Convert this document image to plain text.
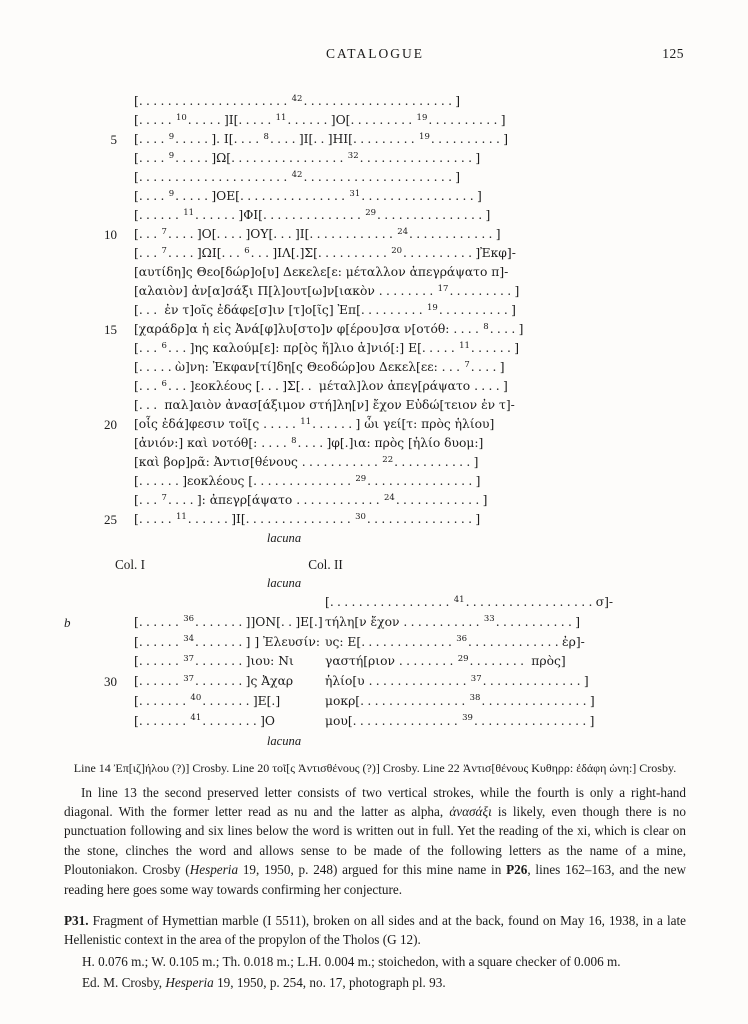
CATALOGUE	125
[.....................$^{42}$.....................]
[.....$^{10}$.....]Ι[.....$^{11}$......]Ο[.........$^{19}$..........]
5	[....$^9$.....]. Ι[....$^8$....]Ι[..]ΗΙ[.........$^{19}$..........]
[....$^9$.....]Ω[................$^{32}$................]
[.....................$^{42}$.....................]
[....$^9$.....]ΟΕ[...............$^{31}$................]
[......$^{11}$......]ΦΙ[..............$^{29}$...............]
10	[...$^7$....]Ο[....]ΟΥ[...]Ι[............$^{24}$............]
[...$^7$....]ΩΙ[...$^6$...]ΙΛ[.]Σ[..........$^{20}$..........]Ἐκφ]-
[αυτίδη]ς Θεο[δώρ]ο[υ] Δεκελε[ε: μέταλλον ἀπεγράψατο π]-
[αλαιὸν] ἀν[α]σάξι Π[λ]ουτ[ω]ν[ιακὸν ........$^{17}$.........]
[... ἐν τ]οῖς ἐδάφε[σ]ιν [τ]ο[ῖς] Ἐπ[.........$^{19}$..........]
15	[χαράδρ]α ἡ εἰς Ἀνά[φ]λυ[στο]ν φ[έρου]σα ν[οτόθ: ....$^8$....]
[...$^6$...]ης καλούμ[ε]: πρ[ὸς ἥ]λιο ἀ]νιό[:] Ε[.....$^{11}$......]
[.....ὼ]νη: Ἐκφαν[τί]δη[ς Θεοδώρ]ου Δεκελ[εε: ...$^7$....]
[...$^6$...]εοκλέους [...]Σ[.. μέταλ]λον ἀπεγ[ράψατο ....]
[... παλ]αιὸν ἀνασ[άξιμον στή]λη[ν] ἔχον Εὐδώ[τειον ἐν τ]-
20	[οἷς ἐδά]φεσιν τοῖ[ς .....$^{11}$......] ὧι γεί[τ: πρὸς ἡλίου]
[ἀνιόν:] καὶ νοτόθ[: ....$^8$....]φ[.]ια: πρὸς [ἡλίο δυομ:]
[καὶ βορ]ρᾶ: Ἀντισ[θένους ...........$^{22}$...........]
[......]εοκλέους [..............$^{29}$...............]
[...$^7$....]: ἀπεγρ[άψατο ............$^{24}$............]
25	[.....$^{11}$......]Ι[...............$^{30}$...............]
lacuna
Col. I	Col. II
lacuna
[.................$^{41}$..................σ]-
b	[......$^{36}$.......]]ΟΝ[..]Ε[.] τήλη[ν ἔχον ...........$^{33}$...........]
[......$^{34}$.......] ] Ἐλευσίν: υς: Ε[.............$^{36}$.............ἐρ]-
[......$^{37}$.......]ιου: Νι	γαστή[ριον ........$^{29}$........ πρὸς]
30	[......$^{37}$.......]ς Ἀχαρ	ἡλίο[υ ..............$^{37}$..............]
[.......$^{40}$.......]Ε[.]	μοκρ[...............$^{38}$...............]
[.......$^{41}$........]Ο	μου[...............$^{39}$................]
lacuna
Line 14 Ἐπ[ιζ]ήλου (?)] Crosby. Line 20 τοῖ[ς Ἀντισθένους (?)] Crosby. Line 22 Ἀντισ[θένους Κυθηρρ: ἐδάφη ὠνη:] Crosby.

In line 13 the second preserved letter consists of two vertical strokes, while the fourth is only a right-hand diagonal. With the former letter read as nu and the latter as alpha, ἀνασάξι is likely, even though there is no punctuation following and six lines below the word is written out in full. Yet the reading of the xi, which is clear on the stone, clinches the word and allows sense to be made of the following letters as the name of a mine, Ploutoniakon. Crosby (Hesperia 19, 1950, p. 248) argued for this mine name in P26, lines 162–163, and the new reading here goes some way towards confirming her conjecture.

P31. Fragment of Hymettian marble (I 5511), broken on all sides and at the back, found on May 16, 1938, in a late Hellenistic context in the area of the propylon of the Tholos (G 12).

H. 0.076 m.; W. 0.105 m.; Th. 0.018 m.; L.H. 0.004 m.; stoichedon, with a square checker of 0.006 m.

Ed. M. Crosby, Hesperia 19, 1950, p. 254, no. 17, photograph pl. 93.
